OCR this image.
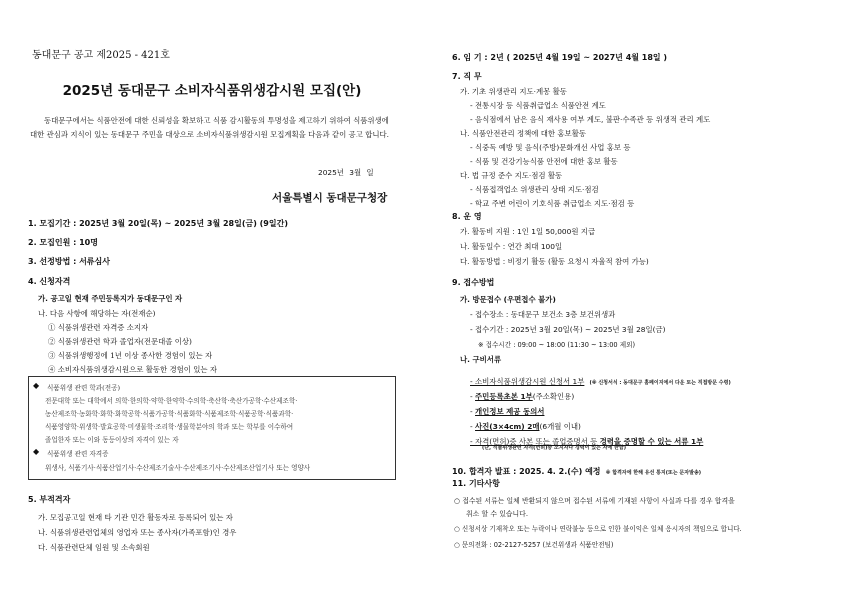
동대문구 공고 제2025 - 421호
2025년 동대문구 소비자식품위생감시원 모집(안)
동대문구에서는 식품안전에 대한 신뢰성을 확보하고 식품 감시활동의 투명성을 제고하기 위하여 식품위생에 대한 관심과 지식이 있는 동대문구 주민을 대상으로 소비자식품위생감시원 모집계획을 다음과 같이 공고 합니다.
2025년 3월 일
서울특별시 동대문구청장
1. 모집기간 : 2025년 3월 20일(목) ~ 2025년 3월 28일(금) (9일간)
2. 모집인원 : 10명
3. 선정방법 : 서류심사
4. 신청자격
가. 공고일 현재 주민등록지가 동대문구인 자
나. 다음 사항에 해당하는 자(전재순)
① 식품위생관련 자격증 소지자
② 식품위생관련 학과 졸업자(전문대졸 이상)
③ 식품위생행정에 1년 이상 종사한 경험이 있는 자
④ 소비자식품위생감시원으로 활동한 경험이 있는 자
◆ 식품위생 관련 학과(전공)
전문대학 또는 대학에서 의학·한의학·약학·한약학·수의학·축산학·축산가공학·수산제조학·
농산제조학·농화학·화학·화학공학·식품가공학·식품화학·식품제조학·식품공학·식품과학·
식품영양학·위생학·발효공학·미생물학·조리학·생물학분야의 학과 또는 학부를 이수하여
졸업한자 또는 이와 동등이상의 자격이 있는 자
◆ 식품위생 관련 자격증
위생사, 식품기사·식품산업기사·수산제조기술사·수산제조기사·수산제조산업기사 또는 영양사
5. 부적격자
가. 모집공고일 현재 타 기관 민간 활동자로 등록되어 있는 자
나. 식품위생관련업체의 영업자 또는 종사자(가족포함)인 경우
다. 식품관련단체 임원 및 소속회원
6. 임 기 : 2년 ( 2025년 4월 19일 ~ 2027년 4월 18일 )
7. 직 무
가. 기초 위생관리 지도·계몽 활동
- 전통시장 등 식품취급업소 식품안전 계도
- 음식점에서 남은 음식 재사용 여부 계도, 불판·수족관 등 위생적 관리 계도
나. 식품안전관리 정책에 대한 홍보활동
- 식중독 예방 및 음식(주방)문화개선 사업 홍보 등
- 식품 및 건강기능식품 안전에 대한 홍보 활동
다. 법 규정 준수 지도·점검 활동
- 식품접객업소 위생관리 상태 지도·점검
- 학교 주변 어린이 기호식품 취급업소 지도·점검 등
8. 운 영
가. 활동비 지원 : 1인 1일 50,000원 지급
나. 활동일수 : 연간 최대 100일
다. 활동방법 : 비정기 활동 (활동 요청시 자율적 참여 가능)
9. 접수방법
가. 방문접수 (우편접수 불가)
- 접수장소 : 동대문구 보건소 3층 보건위생과
- 접수기간 : 2025년 3월 20일(목) ~ 2025년 3월 28일(금)
※ 접수시간 : 09:00 ~ 18:00 (11:30 ~ 13:00 제외)
나. 구비서류
- 소비자식품위생감시원 신청서 1부 (※ 신청서식 : 동대문구 홈페이지에서 다운 또는 직접방문 수령)
- 주민등록초본 1부(주소확인용)
- 개인정보 제공 동의서
- 사진(3×4cm) 2매(6개월 이내)
- 자격(면허)증 사본 또는 졸업증명서 등 경력을 증명할 수 있는 서류 1부
(단, 식품위생관련 자격(면허)증 소지자나 경력이 있는 자에 한함)
10. 합격자 발표 : 2025. 4. 2.(수) 예정 ※ 합격자에 한해 유선 통지(또는 문자발송)
11. 기타사항
○ 접수된 서류는 일체 반환되지 않으며 접수된 서류에 기재된 사항이 사실과 다를 경우 합격을
취소 할 수 있습니다.
○ 신청서상 기재착오 또는 누락이나 연락불능 등으로 인한 불이익은 일체 응시자의 책임으로 합니다.
○ 문의전화 : 02-2127-5257 (보건위생과 식품안전팀)
